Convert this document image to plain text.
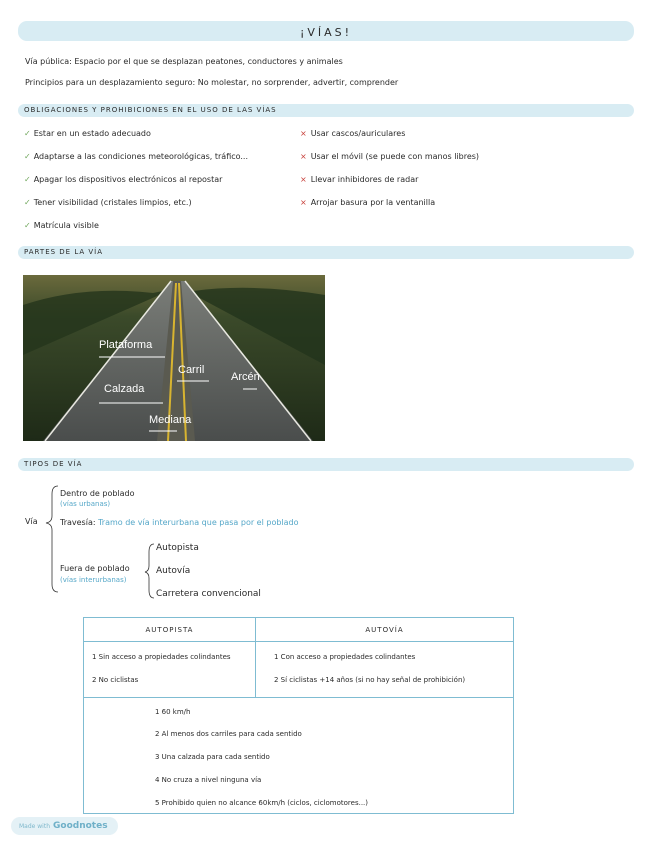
¡VÍAS!
Vía pública: Espacio por el que se desplazan peatones, conductores y animales
Principios para un desplazamiento seguro: No molestar, no sorprender, advertir, comprender
OBLIGACIONES Y PROHIBICIONES EN EL USO DE LAS VÍAS
✓ Estar en un estado adecuado
✓ Adaptarse a las condiciones meteorológicas, tráfico...
✓ Apagar los dispositivos electrónicos al repostar
✓ Tener visibilidad (cristales limpios, etc.)
✓ Matrícula visible
× Usar cascos/auriculares
× Usar el móvil (se puede con manos libres)
× Llevar inhibidores de radar
× Arrojar basura por la ventanilla
PARTES DE LA VÍA
Plataforma
Carril
Arcén
Calzada
Mediana
TIPOS DE VÍA
Vía
Dentro de poblado
(vías urbanas)
Travesía: Tramo de vía interurbana que pasa por el poblado
Fuera de poblado
(vías interurbanas)
Autopista
Autovía
Carretera convencional
AUTOPISTA	AUTOVÍA
1 Sin acceso a propiedades colindantes
2 No ciclistas
1 Con acceso a propiedades colindantes
2 Sí ciclistas +14 años (si no hay señal de prohibición)
1 60 km/h
2 Al menos dos carriles para cada sentido
3 Una calzada para cada sentido
4 No cruza a nivel ninguna vía
5 Prohibido quien no alcance 60km/h (ciclos, ciclomotores...)
Made with Goodnotes
